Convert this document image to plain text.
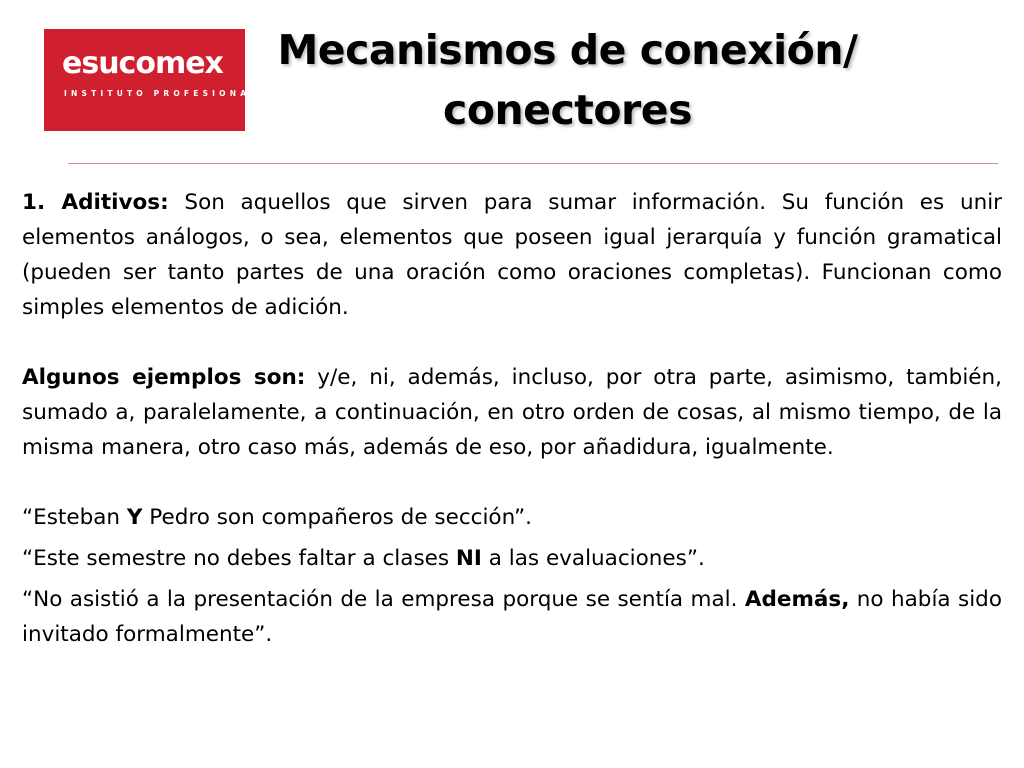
esucomex
INSTITUTO PROFESIONAL
Mecanismos de conexión/
conectores

1. Aditivos: Son aquellos que sirven para sumar información. Su función es unir elementos análogos, o sea, elementos que poseen igual jerarquía y función gramatical (pueden ser tanto partes de una oración como oraciones completas). Funcionan como simples elementos de adición.

Algunos ejemplos son: y/e, ni, además, incluso, por otra parte, asimismo, también, sumado a, paralelamente, a continuación, en otro orden de cosas, al mismo tiempo, de la misma manera, otro caso más, además de eso, por añadidura, igualmente.

“Esteban Y Pedro son compañeros de sección”.

“Este semestre no debes faltar a clases NI a las evaluaciones”.

“No asistió a la presentación de la empresa porque se sentía mal. Además, no había sido invitado formalmente”.
